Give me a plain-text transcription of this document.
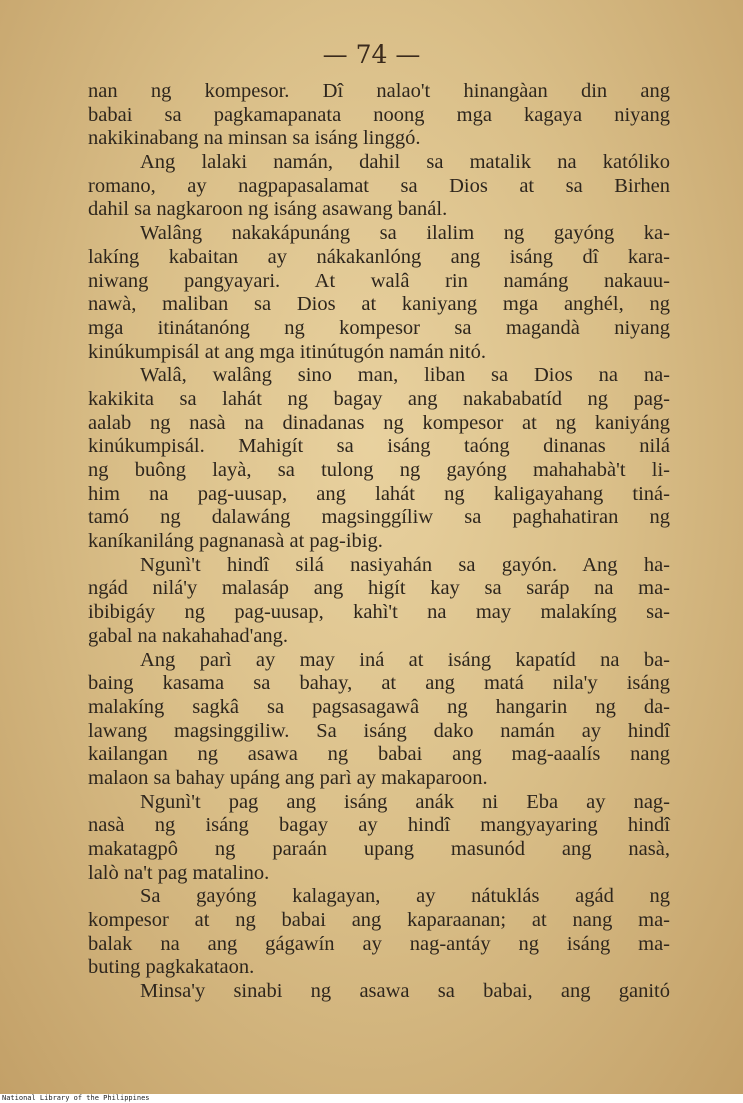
— 74 —
nan ng kompesor. Dî nalao't hinangàan din ang
babai sa pagkamapanata noong mga kagaya niyang
nakikinabang na minsan sa isáng linggó.
Ang lalaki namán, dahil sa matalik na katóliko
romano, ay nagpapasalamat sa Dios at sa Birhen
dahil sa nagkaroon ng isáng asawang banál.
Walâng nakakápunáng sa ilalim ng gayóng ka-
lakíng kabaitan ay nákakanlóng ang isáng dî kara-
niwang pangyayari. At walâ rin namáng nakauu-
nawà, maliban sa Dios at kaniyang mga anghél, ng
mga itinátanóng ng kompesor sa magandà niyang
kinúkumpisál at ang mga itinútugón namán nitó.
Walâ, walâng sino man, liban sa Dios na na-
kakikita sa lahát ng bagay ang nakababatíd ng pag-
aalab ng nasà na dinadanas ng kompesor at ng kaniyáng
kinúkumpisál. Mahigít sa isáng taóng dinanas nilá
ng buông layà, sa tulong ng gayóng mahahabà't li-
him na pag-uusap, ang lahát ng kaligayahang tiná-
tamó ng dalawáng magsinggíliw sa paghahatiran ng
kaníkaniláng pagnanasà at pag-ibig.
Ngunì't hindî silá nasiyahán sa gayón. Ang ha-
ngád nilá'y malasáp ang higít kay sa saráp na ma-
ibibigáy ng pag-uusap, kahì't na may malakíng sa-
gabal na nakahahad'ang.
Ang parì ay may iná at isáng kapatíd na ba-
baing kasama sa bahay, at ang matá nila'y isáng
malakíng sagkâ sa pagsasagawâ ng hangarin ng da-
lawang magsinggiliw. Sa isáng dako namán ay hindî
kailangan ng asawa ng babai ang mag-aaalís nang
malaon sa bahay upáng ang parì ay makaparoon.
Ngunì't pag ang isáng anák ni Eba ay nag-
nasà ng isáng bagay ay hindî mangyayaring hindî
makatagpô ng paraán upang masunód ang nasà,
lalò na't pag matalino.
Sa gayóng kalagayan, ay nátuklás agád ng
kompesor at ng babai ang kaparaanan; at nang ma-
balak na ang gágawín ay nag-antáy ng isáng ma-
buting pagkakataon.
Minsa'y sinabi ng asawa sa babai, ang ganitó
National Library of the Philippines
